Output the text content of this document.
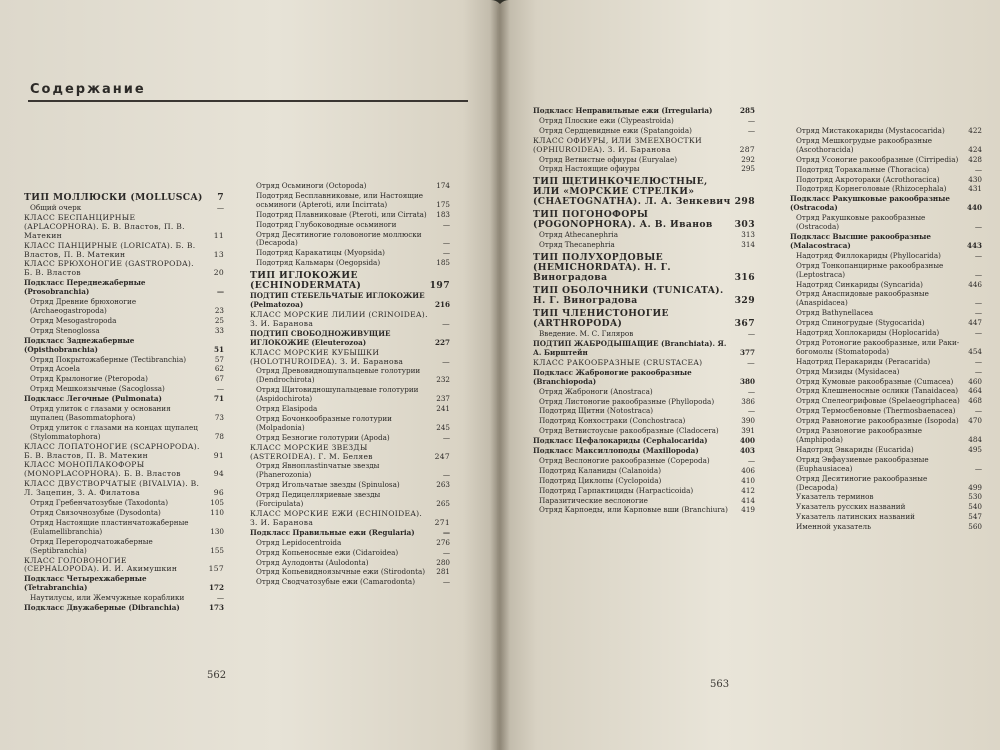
Содержание
ТИП МОЛЛЮСКИ (MOLLUSCA)	7
Общий очерк	—
КЛАСС БЕСПАНЦИРНЫЕ (APLACOPHORA). Б. В. Властов, П. В. Матекин	11
КЛАСС ПАНЦИРНЫЕ (LORICATA). Б. В. Властов, П. В. Матекин	13
КЛАСС БРЮХОНОГИЕ (GASTROPODA). Б. В. Властов	20
Подкласс Переднежаберные (Prosobranchia)	—
Отряд Древние брюхоногие (Archaeogastropoda)	23
Отряд Mesogastropoda	25
Отряд Stenoglossa	33
Подкласс Заднежаберные (Opisthobranchia)	51
Отряд Покрытожаберные (Tectibranchia)	57
Отряд Acoela	62
Отряд Крылоногие (Pteropoda)	67
Отряд Мешкоязычные (Sacoglossa)	—
Подкласс Легочные (Pulmonata)	71
Отряд улиток с глазами у основания щупалец (Basommatophora)	73
Отряд улиток с глазами на концах щупалец (Stylommatophora)	78
КЛАСС ЛОПАТОНОГИЕ (SCAPHOPODA). Б. В. Властов, П. В. Матекин	91
КЛАСС МОНОПЛАКОФОРЫ (MONOPLACOPHORA). Б. В. Властов	94
КЛАСС ДВУСТВОРЧАТЫЕ (BIVALVIA). В. Л. Зацепин, З. А. Филатова	96
Отряд Гребенчатозубые (Taxodonta)	105
Отряд Связочнозубые (Dysodonta)	110
Отряд Настоящие пластинчатожаберные (Eulamellibranchia)	130
Отряд Перегородчатожаберные (Septibranchia)	155
КЛАСС ГОЛОВОНОГИЕ (CEPHALOPODA). И. И. Акимушкин	157
Подкласс Четырехжаберные (Tetrabranchia)	172
Наутилусы, или Жемчужные кораблики	—
Подкласс Двужаберные (Dibranchia)	173
Отряд Осьминоги (Octopoda)	174
Подотряд Бесплавниковые, или Настоящие осьминоги (Apteroti, или Incirrata)	175
Подотряд Плавниковые (Pteroti, или Cirrata)	183
Подотряд Глубоководные осьминоги	—
Отряд Десятиногие головоногие моллюски (Decapoda)	—
Подотряд Каракатицы (Myopsida)	—
Подотряд Кальмары (Oegopsida)	185
ТИП ИГЛОКОЖИЕ (ECHINODERMATA)	197
ПОДТИП СТЕБЕЛЬЧАТЫЕ ИГЛОКОЖИЕ (Pelmatozoa)	216
КЛАСС МОРСКИЕ ЛИЛИИ (CRINOIDEA). З. И. Баранова	—
ПОДТИП СВОБОДНОЖИВУЩИЕ ИГЛОКОЖИЕ (Eleuterozoa)	227
КЛАСС МОРСКИЕ КУБЫШКИ (HOLOTHUROIDEA). З. И. Баранова	—
Отряд Древовидношупальцевые голотурии (Dendrochirota)	232
Отряд Щитовидношупальцевые голотурии (Aspidochirota)	237
Отряд Elasipoda	241
Отряд Бочонкообразные голотурии (Molpadonia)	245
Отряд Безногие голотурии (Apoda)	—
КЛАСС МОРСКИЕ ЗВЕЗДЫ (ASTEROIDEA). Г. М. Беляев	247
Отряд Явноплastinчатые звезды (Phanerozonia)	—
Отряд Игольчатые звезды (Spinulosa)	263
Отряд Педицелляриевые звезды (Forcipulata)	265
КЛАСС МОРСКИЕ ЕЖИ (ECHINOIDEA). З. И. Баранова	271
Подкласс Правильные ежи (Regularia)	—
Отряд Lepidocentroida	276
Отряд Копьеносные ежи (Cidaroidea)	—
Отряд Аулодонты (Aulodonta)	280
Отряд Копьевидноязычные ежи (Stirodonta)	281
Отряд Сводчатозубые ежи (Camarodonta)	—
562
Подкласс Неправильные ежи (Irregularia)	285
Отряд Плоские ежи (Clypeastroida)	—
Отряд Сердцевидные ежи (Spatangoida)	—
КЛАСС ОФИУРЫ, ИЛИ ЗМЕЕХВОСТКИ (OPHIUROIDEA). З. И. Баранова	287
Отряд Ветвистые офиуры (Euryalae)	292
Отряд Настоящие офиуры	295
ТИП ЩЕТИНКОЧЕЛЮСТНЫЕ, ИЛИ «МОРСКИЕ СТРЕЛКИ» (CHAETOGNATHA). Л. А. Зенкевич 298
ТИП ПОГОНОФОРЫ (POGONOPHORA). А. В. Иванов	303
Отряд Athecanephria	313
Отряд Thecanephria	314
ТИП ПОЛУХОРДОВЫЕ (HEMICHORDATA). Н. Г. Виноградова	316
ТИП ОБОЛОЧНИКИ (TUNICATA). Н. Г. Виноградова	329
ТИП ЧЛЕНИСТОНОГИЕ (ARTHROPODA)	367
Введение. М. С. Гиляров	—
ПОДТИП ЖАБРОДЫШАЩИЕ (Branchiata). Я. А. Бирштейн	377
КЛАСС РАКООБРАЗНЫЕ (CRUSTACEA)	—
Подкласс Жаброногие ракообразные (Branchiopoda)	380
Отряд Жаброноги (Anostraca)	—
Отряд Листоногие ракообразные (Phyllopoda)	386
Подотряд Щитни (Notostraca)	—
Подотряд Конхостраки (Conchostraca)	390
Отряд Ветвистоусые ракообразные (Cladocera)	391
Подкласс Цефалокариды (Cephalocarida)	400
Подкласс Максиллоподы (Maxillopoda)	403
Отряд Веслоногие ракообразные (Copepoda)	—
Подотряд Каланиды (Calanoida)	406
Подотряд Циклопы (Cyclopoida)	410
Подотряд Гарпактициды (Harpacticoida)	412
Паразитические веслоногие	414
Отряд Карпоеды, или Карповые вши (Branchiura)	419
Отряд Мистакокариды (Mystacocarida)	422
Отряд Мешкогрудые ракообразные (Ascothoracida)	424
Отряд Усоногие ракообразные (Cirripedia)	428
Подотряд Торакальные (Thoracica)	—
Подотряд Акротораки (Acrothoracica)	430
Подотряд Корнеголовые (Rhizocephala)	431
Подкласс Ракушковые ракообразные (Ostracoda)	440
Отряд Ракушковые ракообразные (Ostracoda)	—
Подкласс Высшие ракообразные (Malacostraca)	443
Надотряд Филлокариды (Phyllocarida)	—
Отряд Тонкопанцирные ракообразные (Leptostraca)	—
Надотряд Синкариды (Syncarida)	446
Отряд Анаспидовые ракообразные (Anaspidacea)	—
Отряд Bathynellacea	—
Отряд Спиногрудые (Stygocarida)	447
Надотряд Хоплокариды (Hoplocarida)	—
Отряд Ротоногие ракообразные, или Раки-богомолы (Stomatopoda)	454
Надотряд Перакариды (Peracarida)	—
Отряд Мизиды (Mysidacea)	—
Отряд Кумовые ракообразные (Cumacea)	460
Отряд Клешненосные ослики (Tanaidacea)	464
Отряд Спелеогрифовые (Spelaeogriphacea)	468
Отряд Термосбеновые (Thermosbaenacea)	—
Отряд Равноногие ракообразные (Isopoda)	470
Отряд Разноногие ракообразные (Amphipoda)	484
Надотряд Эвкариды (Eucarida)	495
Отряд Эвфаузиевые ракообразные (Euphausiacea)	—
Отряд Десятиногие ракообразные (Decapoda)	499
Указатель терминов	530
Указатель русских названий	540
Указатель латинских названий	547
Именной указатель	560
563
